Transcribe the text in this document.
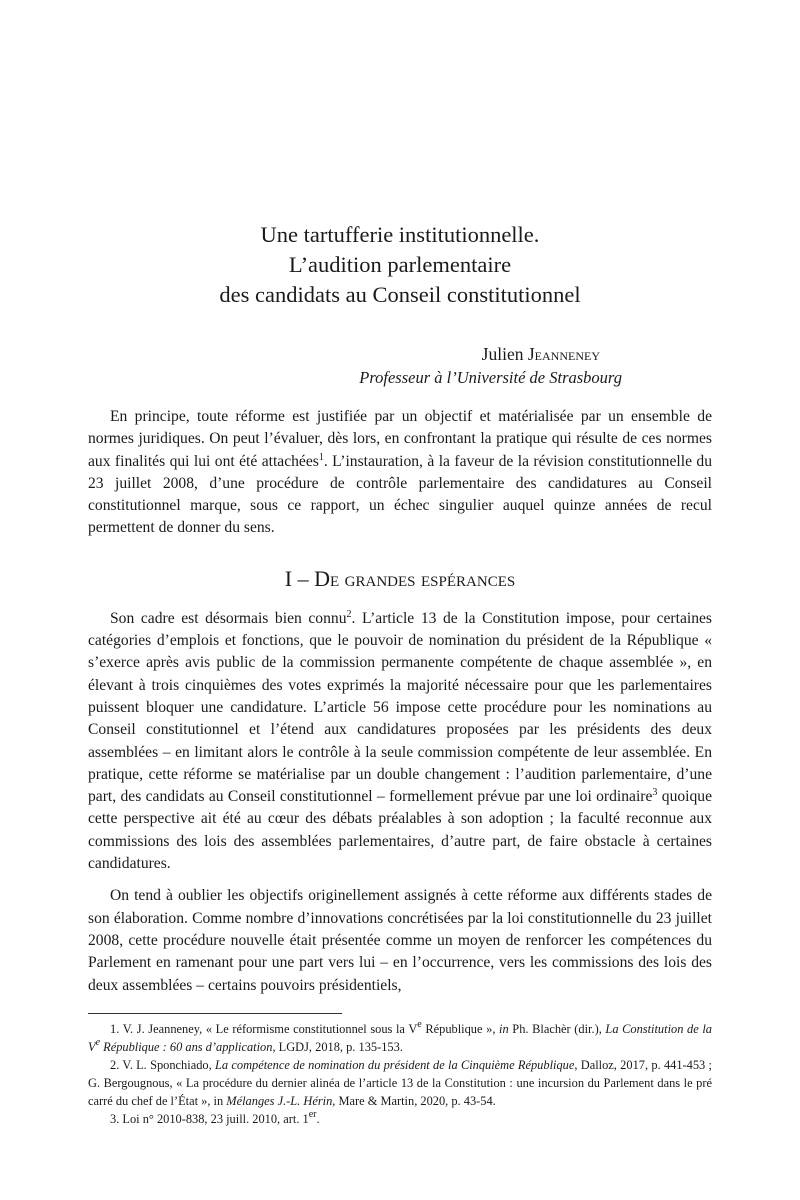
Une tartufferie institutionnelle.
L’audition parlementaire
des candidats au Conseil constitutionnel
Julien Jeanneney
Professeur à l’Université de Strasbourg

En principe, toute réforme est justifiée par un objectif et matérialisée par un ensemble de normes juridiques. On peut l’évaluer, dès lors, en confrontant la pratique qui résulte de ces normes aux finalités qui lui ont été attachées$^1$. L’instauration, à la faveur de la révision constitutionnelle du 23 juillet 2008, d’une procédure de contrôle parlementaire des candidatures au Conseil constitutionnel marque, sous ce rapport, un échec singulier auquel quinze années de recul permettent de donner du sens.

I – De grandes espérances

Son cadre est désormais bien connu$^2$. L’article 13 de la Constitution impose, pour certaines catégories d’emplois et fonctions, que le pouvoir de nomination du président de la République « s’exerce après avis public de la commission permanente compétente de chaque assemblée », en élevant à trois cinquièmes des votes exprimés la majorité nécessaire pour que les parlementaires puissent bloquer une candidature. L’article 56 impose cette procédure pour les nominations au Conseil constitutionnel et l’étend aux candidatures proposées par les présidents des deux assemblées – en limitant alors le contrôle à la seule commission compétente de leur assemblée. En pratique, cette réforme se matérialise par un double changement : l’audition parlementaire, d’une part, des candidats au Conseil constitutionnel – formellement prévue par une loi ordinaire$^3$ quoique cette perspective ait été au cœur des débats préalables à son adoption ; la faculté reconnue aux commissions des lois des assemblées parlementaires, d’autre part, de faire obstacle à certaines candidatures.

On tend à oublier les objectifs originellement assignés à cette réforme aux différents stades de son élaboration. Comme nombre d’innovations concrétisées par la loi constitutionnelle du 23 juillet 2008, cette procédure nouvelle était présentée comme un moyen de renforcer les compétences du Parlement en ramenant pour une part vers lui – en l’occurrence, vers les commissions des lois des deux assemblées – certains pouvoirs présidentiels,

1. V. J. Jeanneney, « Le réformisme constitutionnel sous la Ve République », in Ph. Blachèr (dir.), La Constitution de la Ve République : 60 ans d’application, LGDJ, 2018, p. 135-153.

2. V. L. Sponchiado, La compétence de nomination du président de la Cinquième République, Dalloz, 2017, p. 441-453 ; G. Bergougnous, « La procédure du dernier alinéa de l’article 13 de la Constitution : une incursion du Parlement dans le pré carré du chef de l’État », in Mélanges J.-L. Hérin, Mare & Martin, 2020, p. 43-54.

3. Loi n° 2010-838, 23 juill. 2010, art. 1er.
